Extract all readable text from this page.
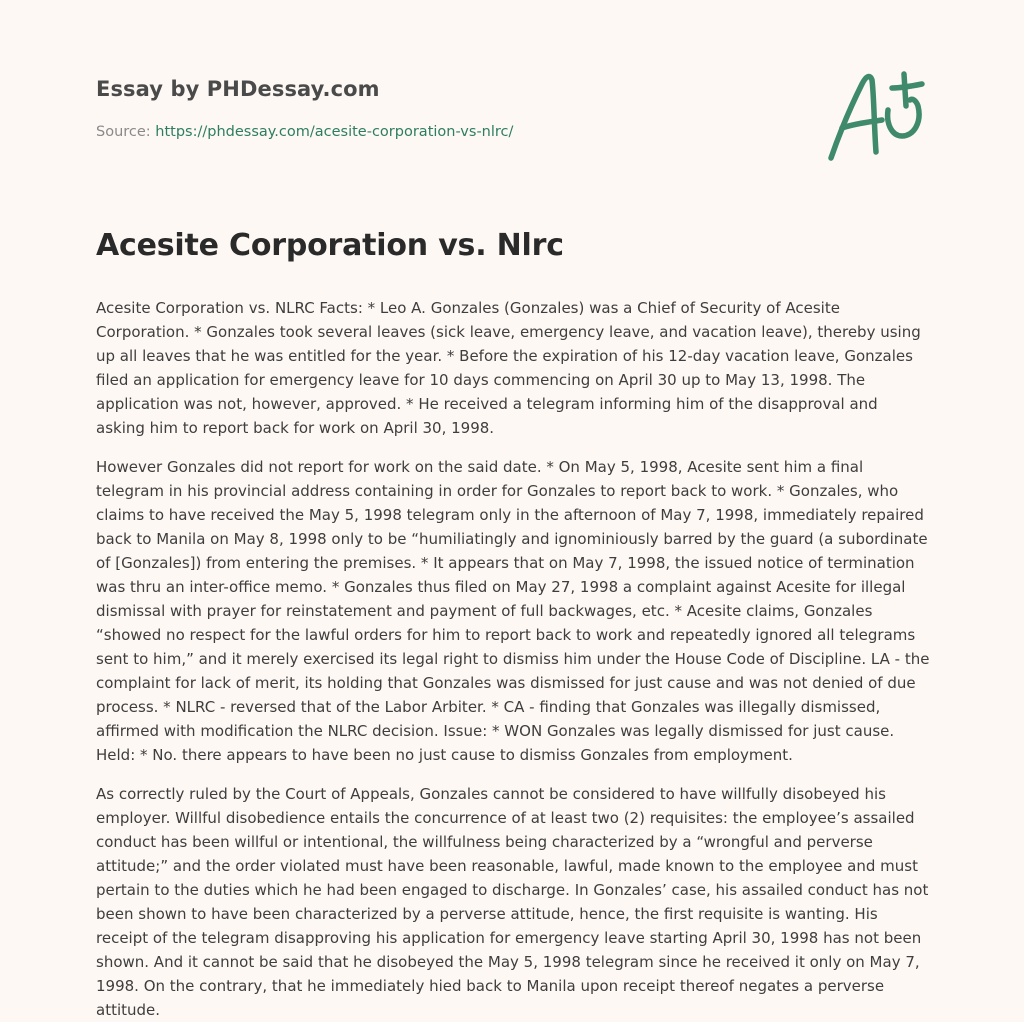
Essay by PHDessay.com
Source: https://phdessay.com/acesite-corporation-vs-nlrc/
Acesite Corporation vs. Nlrc

Acesite Corporation vs. NLRC Facts: * Leo A. Gonzales (Gonzales) was a Chief of Security of Acesite Corporation. * Gonzales took several leaves (sick leave, emergency leave, and vacation leave), thereby using up all leaves that he was entitled for the year. * Before the expiration of his 12-day vacation leave, Gonzales filed an application for emergency leave for 10 days commencing on April 30 up to May 13, 1998. The application was not, however, approved. * He received a telegram informing him of the disapproval and asking him to report back for work on April 30, 1998.

However Gonzales did not report for work on the said date. * On May 5, 1998, Acesite sent him a final telegram in his provincial address containing in order for Gonzales to report back to work. * Gonzales, who claims to have received the May 5, 1998 telegram only in the afternoon of May 7, 1998, immediately repaired back to Manila on May 8, 1998 only to be “humiliatingly and ignominiously barred by the guard (a subordinate of [Gonzales]) from entering the premises. * It appears that on May 7, 1998, the issued notice of termination was thru an inter-office memo. * Gonzales thus filed on May 27, 1998 a complaint against Acesite for illegal dismissal with prayer for reinstatement and payment of full backwages, etc. * Acesite claims, Gonzales “showed no respect for the lawful orders for him to report back to work and repeatedly ignored all telegrams sent to him,” and it merely exercised its legal right to dismiss him under the House Code of Discipline. LA - the complaint for lack of merit, its holding that Gonzales was dismissed for just cause and was not denied of due process. * NLRC - reversed that of the Labor Arbiter. * CA - finding that Gonzales was illegally dismissed, affirmed with modification the NLRC decision. Issue: * WON Gonzales was legally dismissed for just cause. Held: * No. there appears to have been no just cause to dismiss Gonzales from employment.

As correctly ruled by the Court of Appeals, Gonzales cannot be considered to have willfully disobeyed his employer. Willful disobedience entails the concurrence of at least two (2) requisites: the employee’s assailed conduct has been willful or intentional, the willfulness being characterized by a “wrongful and perverse attitude;” and the order violated must have been reasonable, lawful, made known to the employee and must pertain to the duties which he had been engaged to discharge. In Gonzales’ case, his assailed conduct has not been shown to have been characterized by a perverse attitude, hence, the first requisite is wanting. His receipt of the telegram disapproving his application for emergency leave starting April 30, 1998 has not been shown. And it cannot be said that he disobeyed the May 5, 1998 telegram since he received it only on May 7, 1998. On the contrary, that he immediately hied back to Manila upon receipt thereof negates a perverse attitude.
